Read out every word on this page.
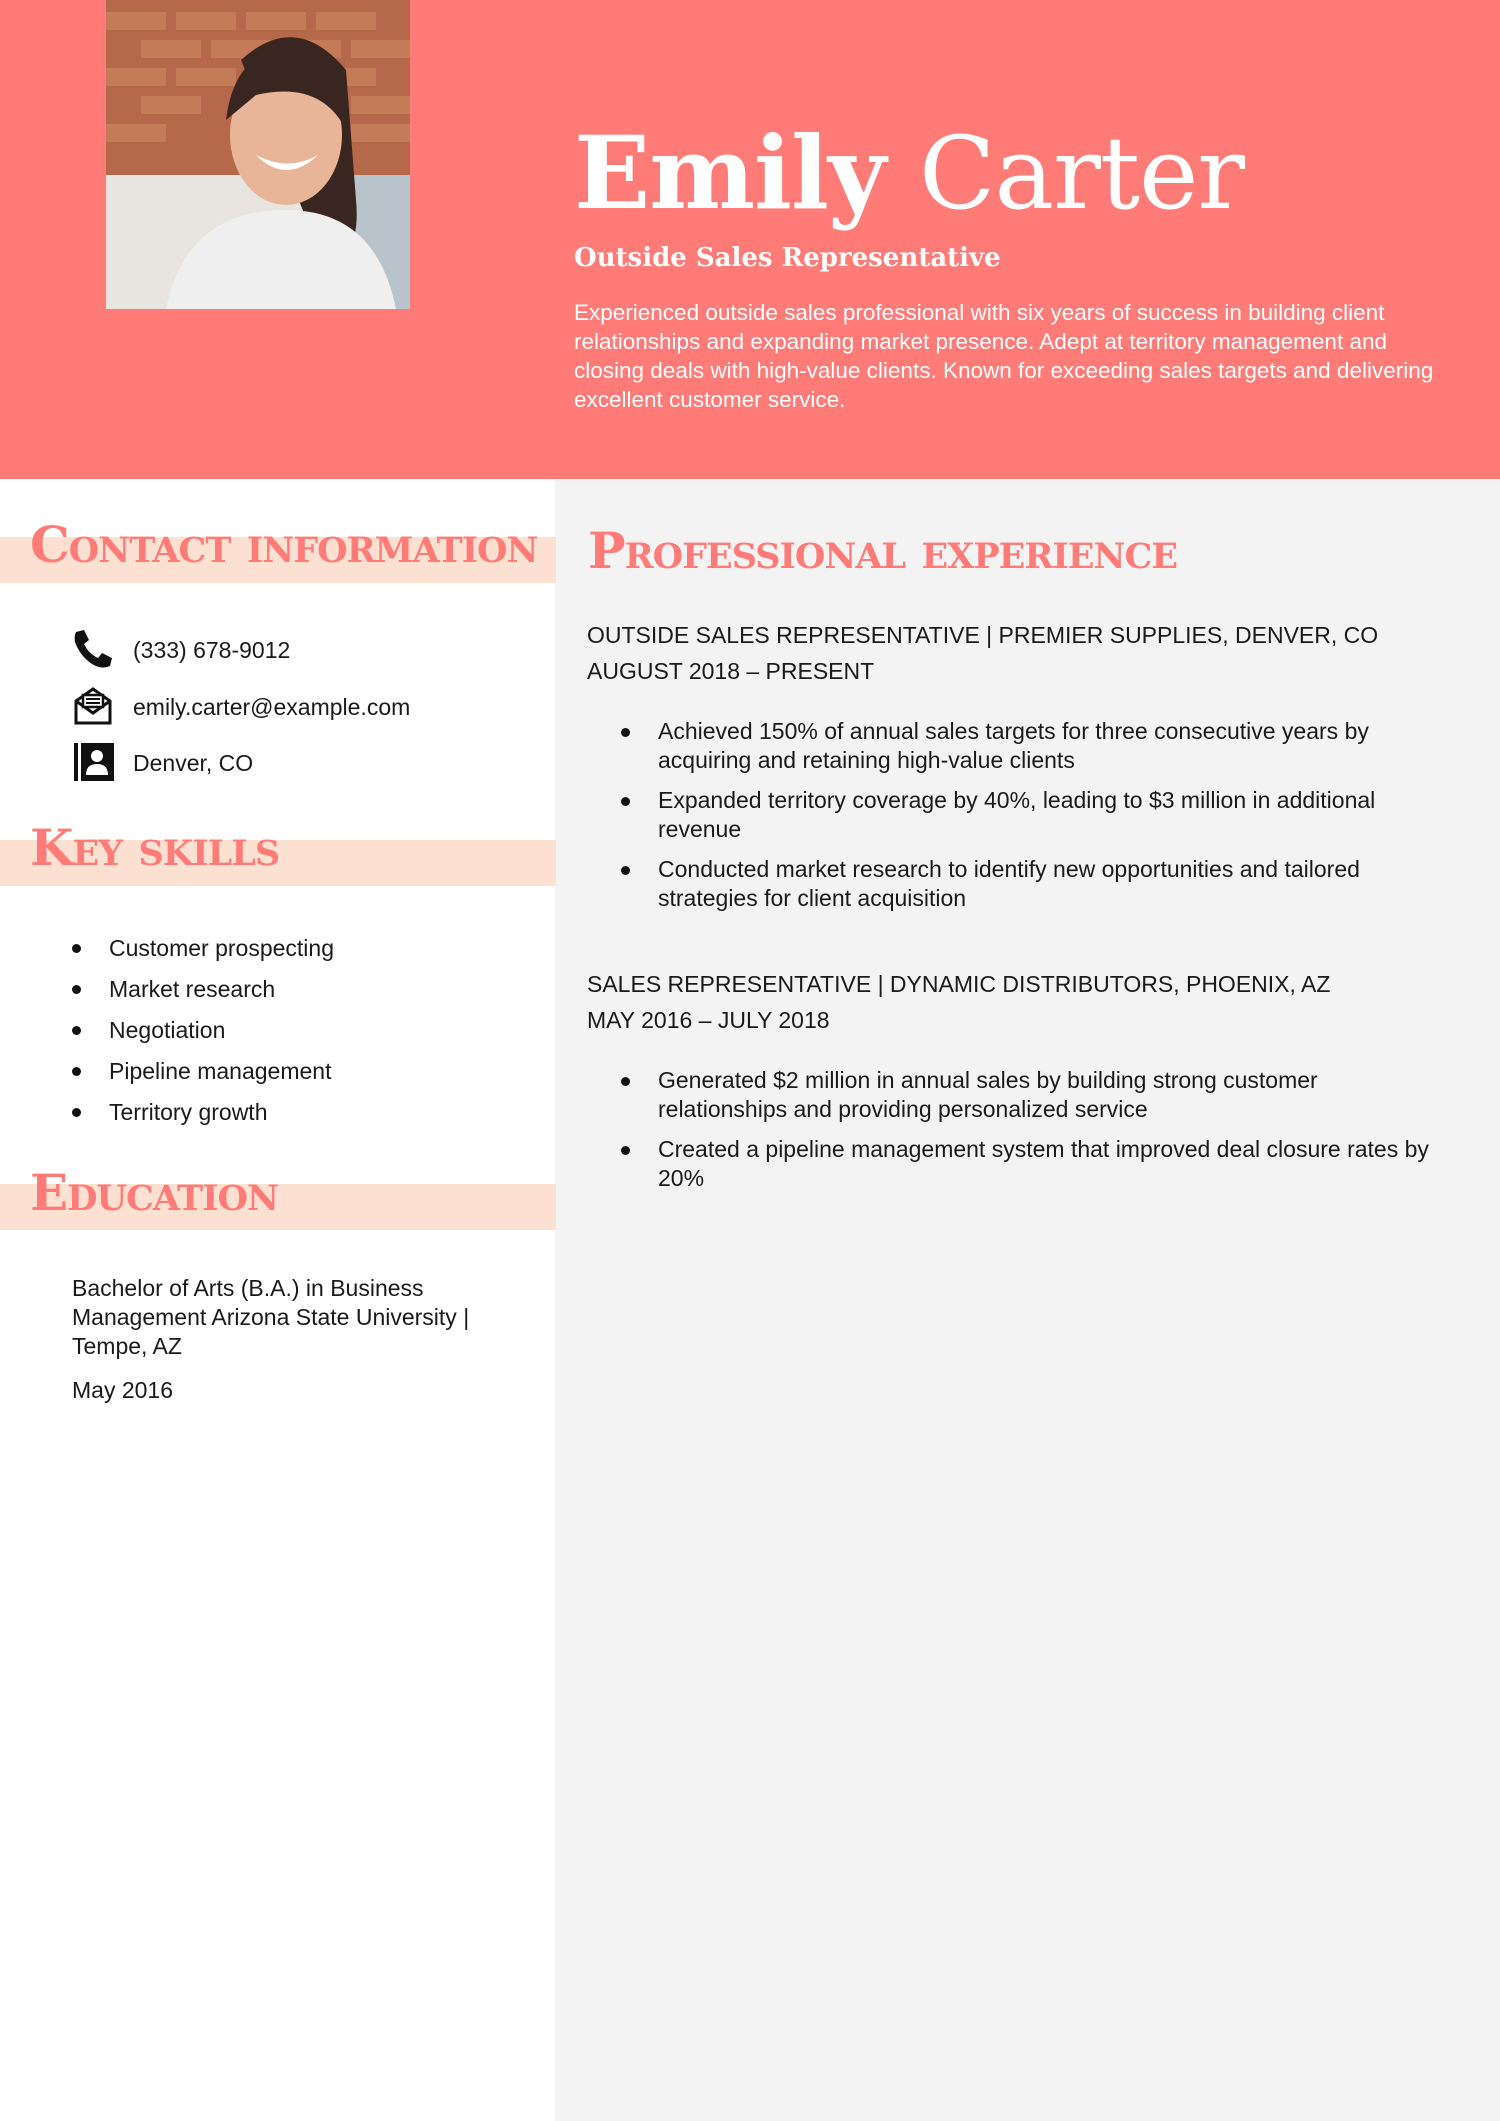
Emily Carter
Outside Sales Representative

Experienced outside sales professional with six years of success in building client relationships and expanding market presence. Adept at territory management and closing deals with high-value clients. Known for exceeding sales targets and delivering excellent customer service.

Contact information
(333) 678-9012
emily.carter@example.com
Denver, CO
Key skills
Customer prospecting
Market research
Negotiation
Pipeline management
Territory growth
Education

Bachelor of Arts (B.A.) in Business Management Arizona State University | Tempe, AZ

May 2016

Professional experience

OUTSIDE SALES REPRESENTATIVE | PREMIER SUPPLIES, DENVER, CO

AUGUST 2018 – PRESENT

Achieved 150% of annual sales targets for three consecutive years by acquiring and retaining high-value clients
Expanded territory coverage by 40%, leading to $3 million in additional revenue
Conducted market research to identify new opportunities and tailored strategies for client acquisition

SALES REPRESENTATIVE | DYNAMIC DISTRIBUTORS, PHOENIX, AZ

MAY 2016 – JULY 2018

Generated $2 million in annual sales by building strong customer relationships and providing personalized service
Created a pipeline management system that improved deal closure rates by 20%
